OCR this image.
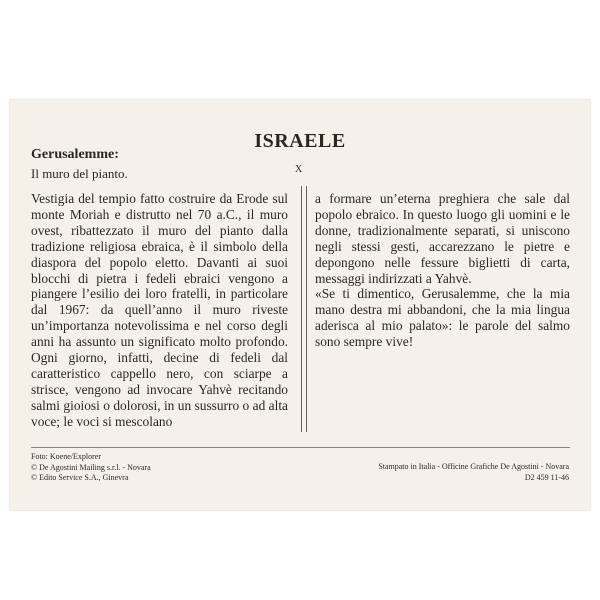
ISRAELE
X
Gerusalemme:
Il muro del pianto.

Vestigia del tempio fatto costruire da Erode sul monte Moriah e distrutto nel 70 a.C., il muro ovest, ribattezzato il muro del pianto dalla tradizione religiosa ebraica, è il simbolo della diaspora del popolo eletto. Davanti ai suoi blocchi di pietra i fedeli ebraici vengono a piangere l’esilio dei loro fratelli, in particolare dal 1967: da quell’anno il muro riveste un’importanza notevolissima e nel corso degli anni ha assunto un significato molto profondo. Ogni giorno, infatti, decine di fedeli dal caratteristico cappello nero, con sciarpe a strisce, vengono ad invocare Yahvè recitando salmi gioiosi o dolorosi, in un sussurro o ad alta voce; le voci si mescolano

a formare un’eterna preghiera che sale dal popolo ebraico. In questo luogo gli uomini e le donne, tradizionalmente separati, si uniscono negli stessi gesti, accarezzano le pietre e depongono nelle fessure biglietti di carta, messaggi indirizzati a Yahvè.

«Se ti dimentico, Gerusalemme, che la mia mano destra mi abbandoni, che la mia lingua aderisca al mio palato»: le parole del salmo sono sempre vive!

Foto: Koene/Explorer
© De Agostini Mailing s.r.l. - Novara
© Edito Service S.A., Ginevra
Stampato in Italia - Officine Grafiche De Agostini - Novara
D2 459 11-46
